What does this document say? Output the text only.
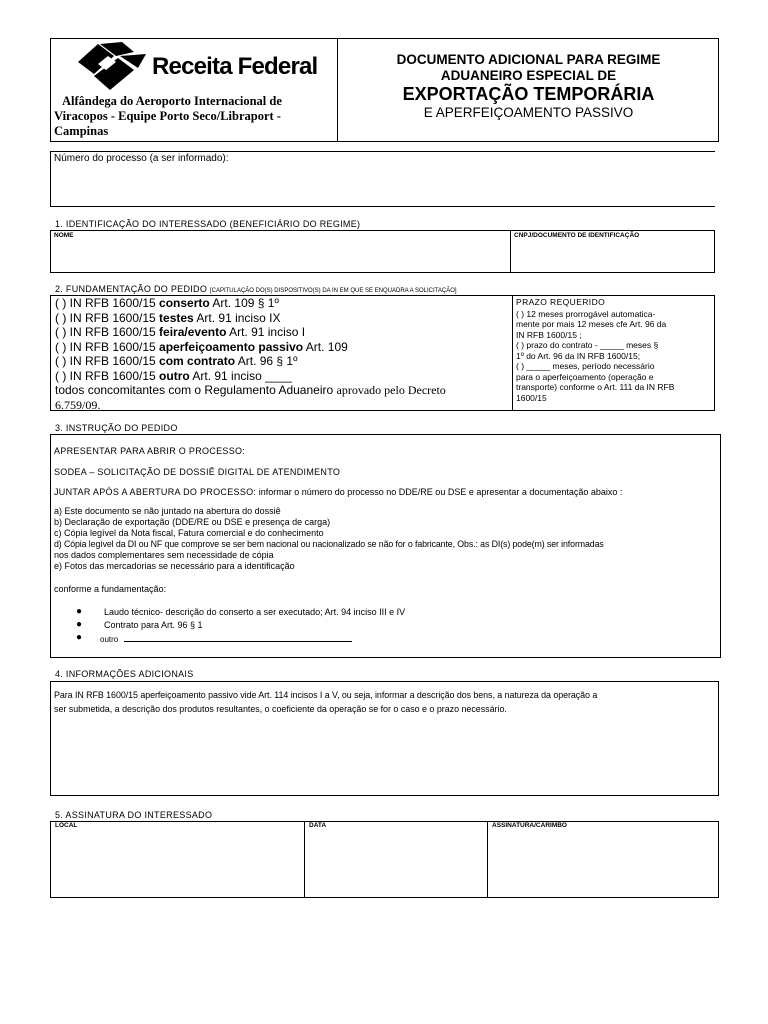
Receita Federal
Alfândega do Aeroporto Internacional de
Viracopos - Equipe Porto Seco/Libraport -
Campinas
DOCUMENTO ADICIONAL PARA REGIME
ADUANEIRO ESPECIAL DE
EXPORTAÇÃO TEMPORÁRIA
E APERFEIÇOAMENTO PASSIVO
Número do processo (a ser informado):
1. IDENTIFICAÇÃO DO INTERESSADO (BENEFICIÁRIO DO REGIME)
NOME	CNPJ/DOCUMENTO DE IDENTIFICAÇÃO
2. FUNDAMENTAÇÃO DO PEDIDO [CAPITULAÇÃO DO(S) DISPOSITIVO(S) DA IN EM QUE SE ENQUADRA A SOLICITAÇÃO]
( ) IN RFB 1600/15 conserto Art. 109 § 1º
( ) IN RFB 1600/15 testes Art. 91 inciso IX
( ) IN RFB 1600/15 feira/evento Art. 91 inciso I
( ) IN RFB 1600/15 aperfeiçoamento passivo Art. 109
( ) IN RFB 1600/15 com contrato Art. 96 § 1º
( ) IN RFB 1600/15 outro Art. 91 inciso ____
todos concomitantes com o Regulamento Aduaneiro aprovado pelo Decreto
6.759/09.
PRAZO REQUERIDO
( ) 12 meses prorrogável automatica-
mente por mais 12 meses cfe Art. 96 da
IN RFB 1600/15 ;
( ) prazo do contrato - _____ meses §
1º do Art. 96 da IN RFB 1600/15;
( ) _____ meses, período necessário
para o aperfeiçoamento (operação e
transporte) conforme o Art. 111 da IN RFB
1600/15
3. INSTRUÇÃO DO PEDIDO
APRESENTAR PARA ABRIR O PROCESSO:
SODEA – SOLICITAÇÃO DE DOSSIÊ DIGITAL DE ATENDIMENTO
JUNTAR APÓS A ABERTURA DO PROCESSO: informar o número do processo no DDE/RE ou DSE e apresentar a documentação abaixo :
a) Este documento se não juntado na abertura do dossiê
b) Declaração de exportação (DDE/RE ou DSE e presença de carga)
c) Cópia legível da Nota fiscal, Fatura comercial e do conhecimento
d) Cópia legível da DI ou NF que comprove se ser bem nacional ou nacionalizado se não for o fabricante, Obs.: as DI(s) pode(m) ser informadas
nos dados complementares sem necessidade de cópia
e) Fotos das mercadorias se necessário para a identificação
conforme a fundamentação:
● Laudo técnico- descrição do conserto a ser executado; Art. 94 inciso III e IV
● Contrato para Art. 96 § 1
● outro
4. INFORMAÇÕES ADICIONAIS
Para IN RFB 1600/15 aperfeiçoamento passivo vide Art. 114 incisos I a V, ou seja, informar a descrição dos bens, a natureza da operação a
ser submetida, a descrição dos produtos resultantes, o coeficiente da operação se for o caso e o prazo necessário.
5. ASSINATURA DO INTERESSADO
LOCAL	DATA	ASSINATURA/CARIMBO
